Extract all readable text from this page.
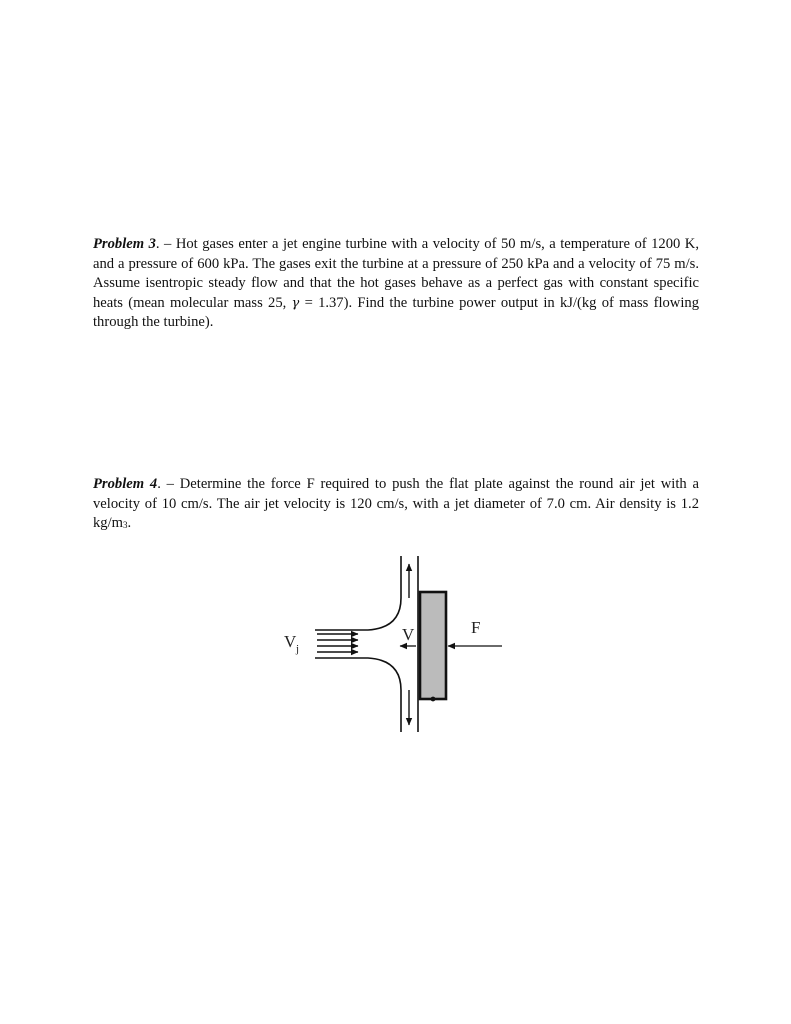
Problem 3. – Hot gases enter a jet engine turbine with a velocity of 50 m/s, a temperature of 1200 K, and a pressure of 600 kPa. The gases exit the turbine at a pressure of 250 kPa and a velocity of 75 m/s. Assume isentropic steady flow and that the hot gases behave as a perfect gas with constant specific heats (mean molecular mass 25, γ = 1.37). Find the turbine power output in kJ/(kg of mass flowing through the turbine).

Problem 4. – Determine the force F required to push the flat plate against the round air jet with a velocity of 10 cm/s. The air jet velocity is 120 cm/s, with a jet diameter of 7.0 cm. Air density is 1.2 kg/m3.

V	F
V j
